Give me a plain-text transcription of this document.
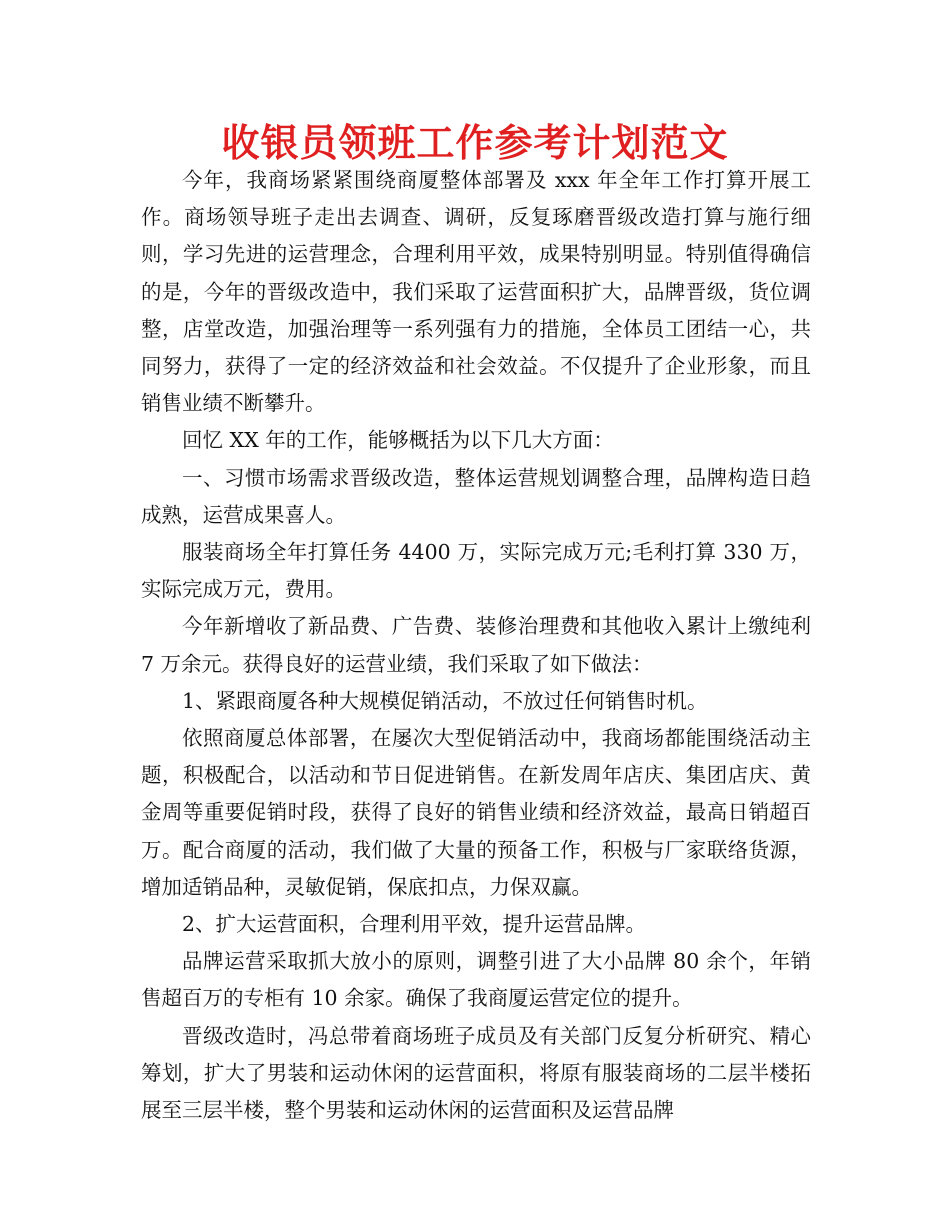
收银员领班工作参考计划范文

今年，我商场紧紧围绕商厦整体部署及 xxx 年全年工作打算开展工作。商场领导班子走出去调查、调研，反复琢磨晋级改造打算与施行细则，学习先进的运营理念，合理利用平效，成果特别明显。特别值得确信的是，今年的晋级改造中，我们采取了运营面积扩大，品牌晋级，货位调整，店堂改造，加强治理等一系列强有力的措施，全体员工团结一心，共同努力，获得了一定的经济效益和社会效益。不仅提升了企业形象，而且销售业绩不断攀升。

回忆 XX 年的工作，能够概括为以下几大方面：

一、习惯市场需求晋级改造，整体运营规划调整合理，品牌构造日趋成熟，运营成果喜人。

服装商场全年打算任务 4400 万，实际完成万元;毛利打算 330 万，实际完成万元，费用。

今年新增收了新品费、广告费、装修治理费和其他收入累计上缴纯利 7 万余元。获得良好的运营业绩，我们采取了如下做法：

1、紧跟商厦各种大规模促销活动，不放过任何销售时机。

依照商厦总体部署，在屡次大型促销活动中，我商场都能围绕活动主题，积极配合，以活动和节日促进销售。在新发周年店庆、集团店庆、黄金周等重要促销时段，获得了良好的销售业绩和经济效益，最高日销超百万。配合商厦的活动，我们做了大量的预备工作，积极与厂家联络货源，增加适销品种，灵敏促销，保底扣点，力保双赢。

2、扩大运营面积，合理利用平效，提升运营品牌。

品牌运营采取抓大放小的原则，调整引进了大小品牌 80 余个，年销售超百万的专柜有 10 余家。确保了我商厦运营定位的提升。

晋级改造时，冯总带着商场班子成员及有关部门反复分析研究、精心筹划，扩大了男装和运动休闲的运营面积，将原有服装商场的二层半楼拓展至三层半楼，整个男装和运动休闲的运营面积及运营品牌
